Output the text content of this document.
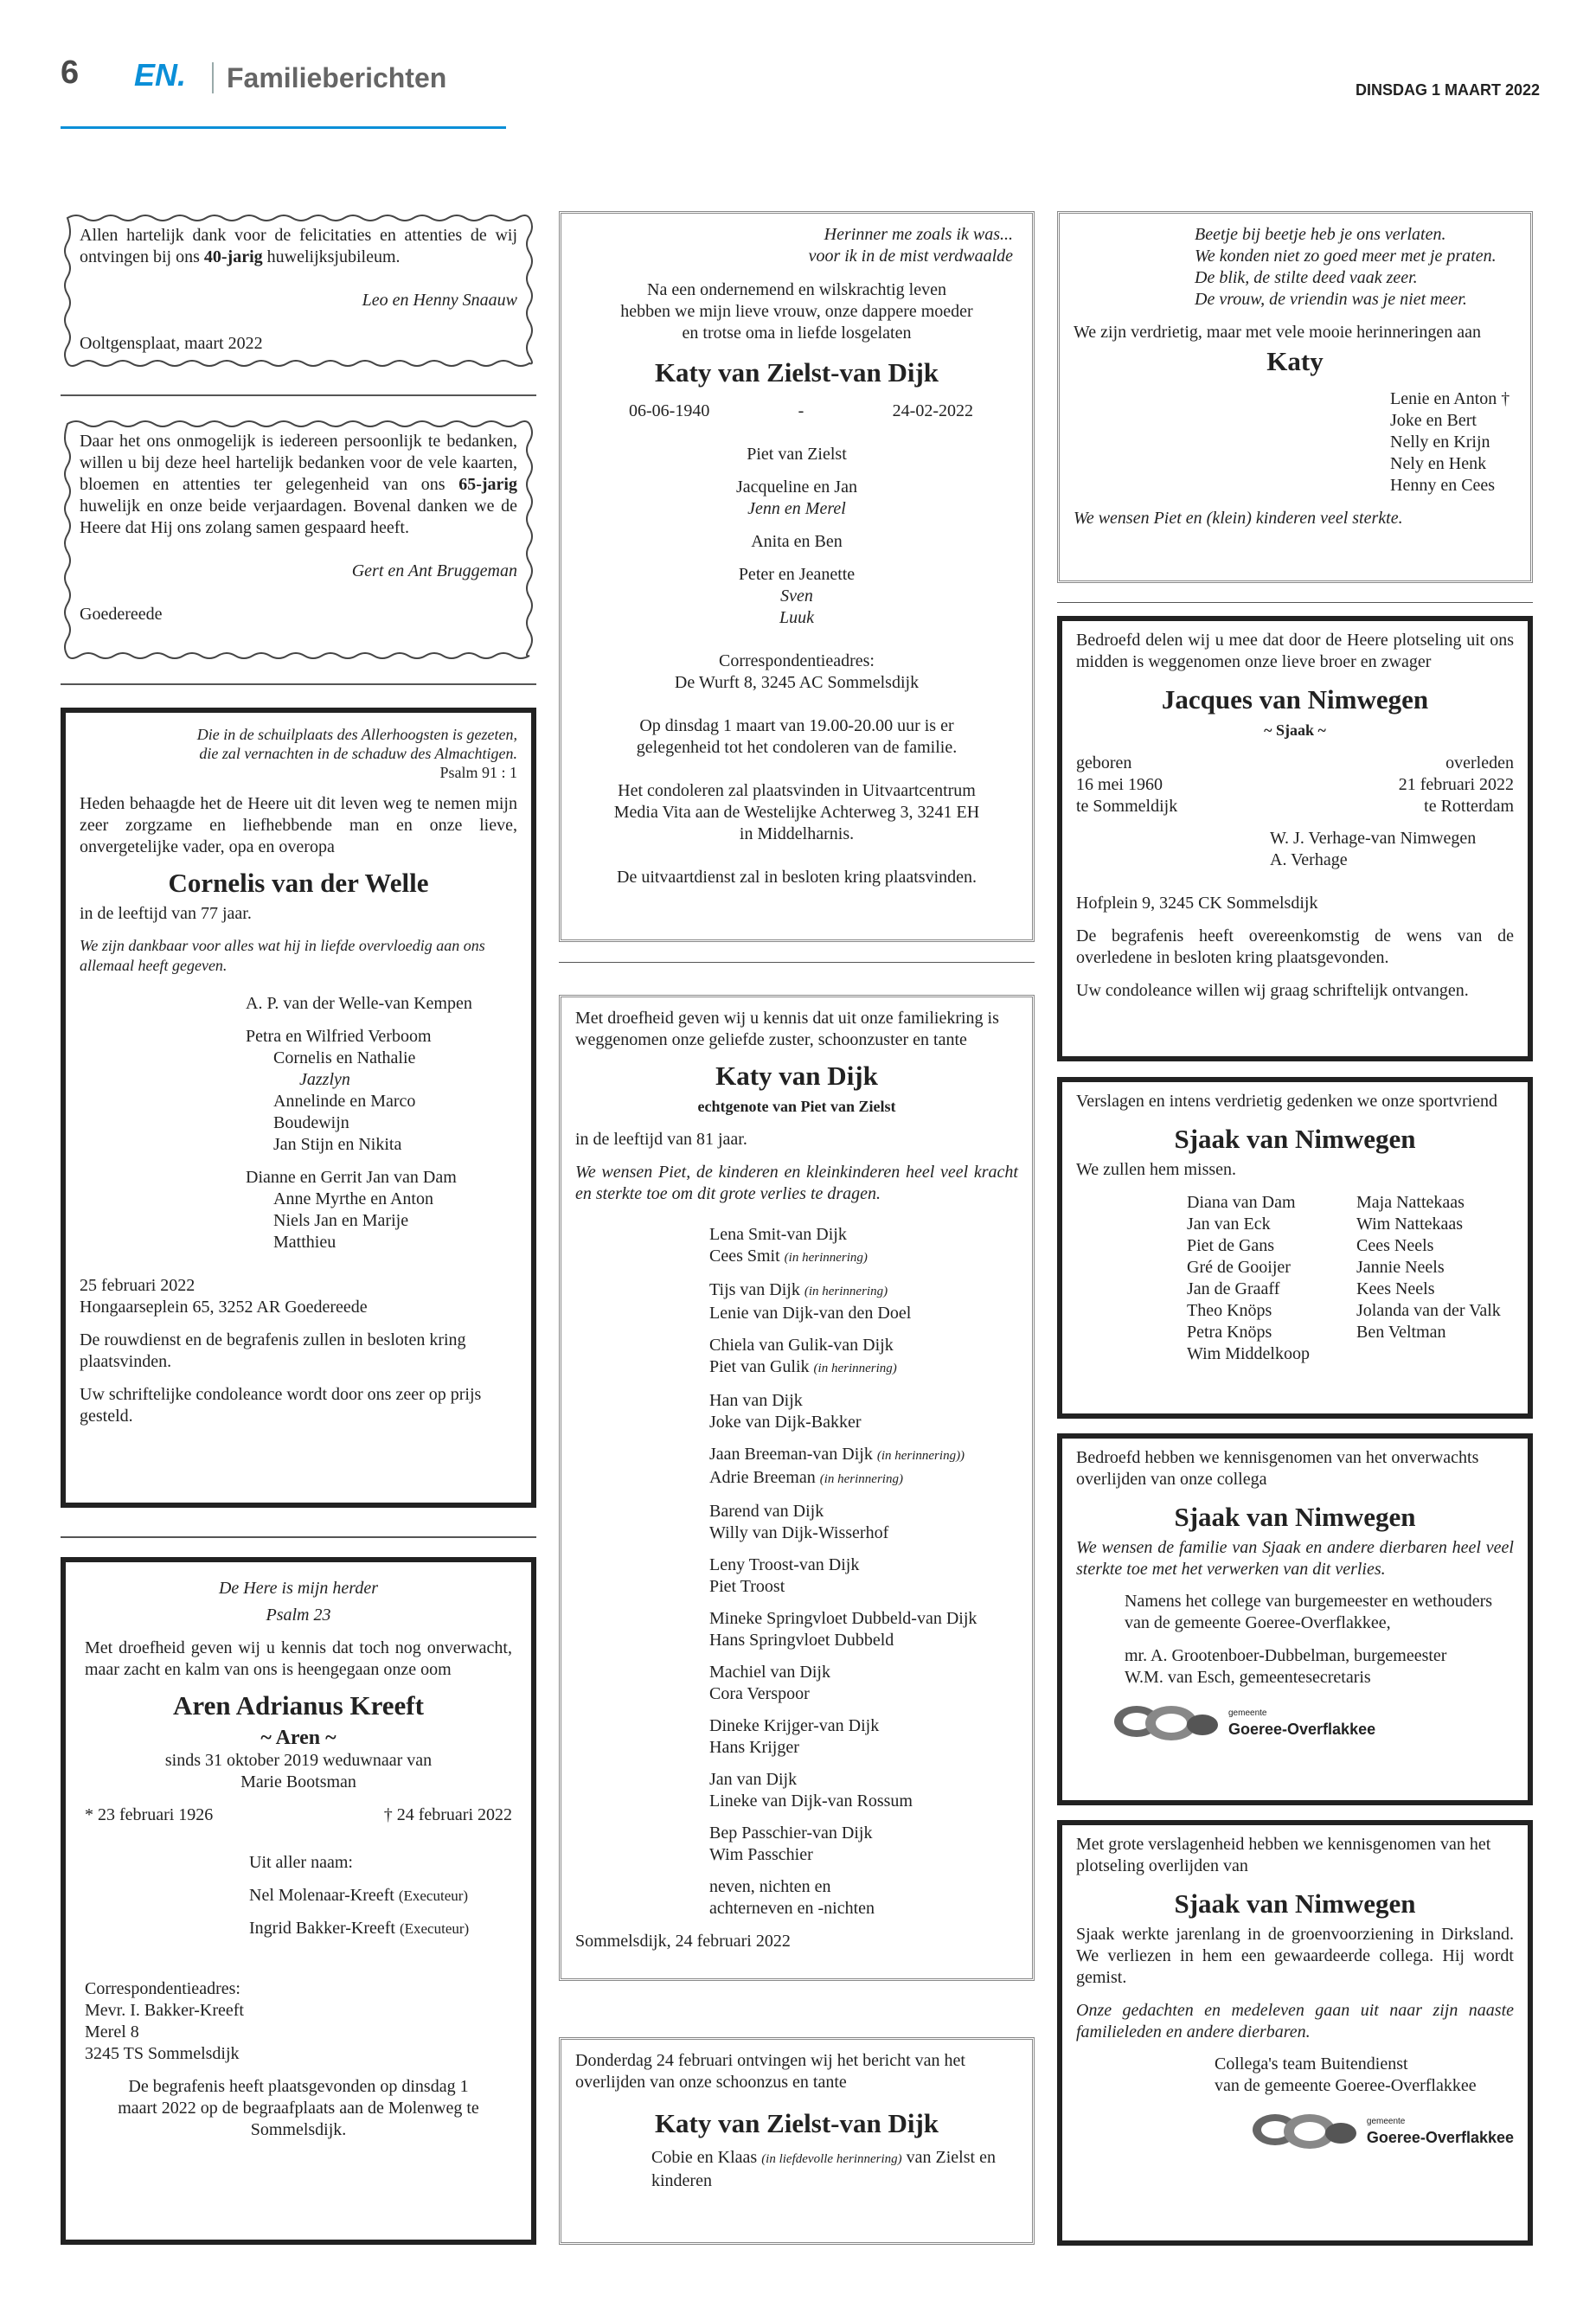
6 EN.	Familieberichten	DINSDAG 1 MAART 2022

Allen hartelijk dank voor de felicitaties en attenties de wij ontvingen bij ons 40-jarig huwelijksjubileum.

Leo en Henny Snaauw

Ooltgensplaat, maart 2022

Daar het ons onmogelijk is iedereen persoonlijk te bedanken, willen u bij deze heel hartelijk bedanken voor de vele kaarten, bloemen en attenties ter gelegenheid van ons 65-jarig huwelijk en onze beide verjaardagen. Bovenal danken we de Heere dat Hij ons zolang samen gespaard heeft.

Gert en Ant Bruggeman

Goedereede

Die in de schuilplaats des Allerhoogsten is gezeten,

die zal vernachten in de schaduw des Almachtigen.

Psalm 91 : 1

Heden behaagde het de Heere uit dit leven weg te nemen mijn zeer zorgzame en liefhebbende man en onze lieve, onvergetelijke vader, opa en overopa

Cornelis van der Welle

in de leeftijd van 77 jaar.

We zijn dankbaar voor alles wat hij in liefde overvloedig aan ons allemaal heeft gegeven.

A. P. van der Welle-van Kempen

Petra en Wilfried Verboom

Cornelis en Nathalie

Jazzlyn

Annelinde en Marco

Boudewijn

Jan Stijn en Nikita

Dianne en Gerrit Jan van Dam

Anne Myrthe en Anton

Niels Jan en Marije

Matthieu

25 februari 2022

Hongaarseplein 65, 3252 AR Goedereede

De rouwdienst en de begrafenis zullen in besloten kring plaatsvinden.

Uw schriftelijke condoleance wordt door ons zeer op prijs gesteld.

De Here is mijn herder

Psalm 23

Met droefheid geven wij u kennis dat toch nog onverwacht, maar zacht en kalm van ons is heengegaan onze oom

Aren Adrianus Kreeft

~ Aren ~

sinds 31 oktober 2019 weduwnaar van

Marie Bootsman

* 23 februari 1926	† 24 februari 2022

Uit aller naam:

Nel Molenaar-Kreeft (Executeur)

Ingrid Bakker-Kreeft (Executeur)

Correspondentieadres:

Mevr. I. Bakker-Kreeft

Merel 8

3245 TS Sommelsdijk

De begrafenis heeft plaatsgevonden op dinsdag 1 maart 2022 op de begraafplaats aan de Molenweg te Sommelsdijk.

Herinner me zoals ik was...

voor ik in de mist verdwaalde

Na een ondernemend en wilskrachtig leven hebben we mijn lieve vrouw, onze dappere moeder en trotse oma in liefde losgelaten

Katy van Zielst-van Dijk

06-06-1940	-	24-02-2022

Piet van Zielst

Jacqueline en Jan

Jenn en Merel

Anita en Ben

Peter en Jeanette

Sven

Luuk

Correspondentieadres:

De Wurft 8, 3245 AC Sommelsdijk

Op dinsdag 1 maart van 19.00-20.00 uur is er gelegenheid tot het condoleren van de familie.

Het condoleren zal plaatsvinden in Uitvaartcentrum Media Vita aan de Westelijke Achterweg 3, 3241 EH in Middelharnis.

De uitvaartdienst zal in besloten kring plaatsvinden.

Met droefheid geven wij u kennis dat uit onze familiekring is weggenomen onze geliefde zuster, schoonzuster en tante

Katy van Dijk

echtgenote van Piet van Zielst

in de leeftijd van 81 jaar.

We wensen Piet, de kinderen en kleinkinderen heel veel kracht en sterkte toe om dit grote verlies te dragen.

Lena Smit-van Dijk

Cees Smit (in herinnering)

Tijs van Dijk (in herinnering)

Lenie van Dijk-van den Doel

Chiela van Gulik-van Dijk

Piet van Gulik (in herinnering)

Han van Dijk

Joke van Dijk-Bakker

Jaan Breeman-van Dijk (in herinnering))

Adrie Breeman (in herinnering)

Barend van Dijk

Willy van Dijk-Wisserhof

Leny Troost-van Dijk

Piet Troost

Mineke Springvloet Dubbeld-van Dijk

Hans Springvloet Dubbeld

Machiel van Dijk

Cora Verspoor

Dineke Krijger-van Dijk

Hans Krijger

Jan van Dijk

Lineke van Dijk-van Rossum

Bep Passchier-van Dijk

Wim Passchier

neven, nichten en

achterneven en -nichten

Sommelsdijk, 24 februari 2022

Donderdag 24 februari ontvingen wij het bericht van het overlijden van onze schoonzus en tante

Katy van Zielst-van Dijk

Cobie en Klaas (in liefdevolle herinnering) van Zielst en kinderen

Beetje bij beetje heb je ons verlaten.

We konden niet zo goed meer met je praten.

De blik, de stilte deed vaak zeer.

De vrouw, de vriendin was je niet meer.

We zijn verdrietig, maar met vele mooie herinneringen aan

Katy

Lenie en Anton †

Joke en Bert

Nelly en Krijn

Nely en Henk

Henny en Cees

We wensen Piet en (klein) kinderen veel sterkte.

Bedroefd delen wij u mee dat door de Heere plotseling uit ons midden is weggenomen onze lieve broer en zwager

Jacques van Nimwegen

~ Sjaak ~

geboren

16 mei 1960

te Sommeldijk

overleden

21 februari 2022

te Rotterdam

W. J. Verhage-van Nimwegen

A. Verhage

Hofplein 9, 3245 CK Sommelsdijk

De begrafenis heeft overeenkomstig de wens van de overledene in besloten kring plaatsgevonden.

Uw condoleance willen wij graag schriftelijk ontvangen.

Verslagen en intens verdrietig gedenken we onze sportvriend

Sjaak van Nimwegen

We zullen hem missen.

Diana van Dam

Jan van Eck

Piet de Gans

Gré de Gooijer

Jan de Graaff

Theo Knöps

Petra Knöps

Wim Middelkoop

Maja Nattekaas

Wim Nattekaas

Cees Neels

Jannie Neels

Kees Neels

Jolanda van der Valk

Ben Veltman

Bedroefd hebben we kennisgenomen van het onverwachts overlijden van onze collega

Sjaak van Nimwegen

We wensen de familie van Sjaak en andere dierbaren heel veel sterkte toe met het verwerken van dit verlies.

Namens het college van burgemeester en wethouders van de gemeente Goeree-Overflakkee,

mr. A. Grootenboer-Dubbelman, burgemeester

W.M. van Esch, gemeentesecretaris

gemeente
Goeree-Overflakkee

Met grote verslagenheid hebben we kennisgenomen van het plotseling overlijden van

Sjaak van Nimwegen

Sjaak werkte jarenlang in de groenvoorziening in Dirksland. We verliezen in hem een gewaardeerde collega. Hij wordt gemist.

Onze gedachten en medeleven gaan uit naar zijn naaste familieleden en andere dierbaren.

Collega's team Buitendienst

van de gemeente Goeree-Overflakkee

gemeente
Goeree-Overflakkee
